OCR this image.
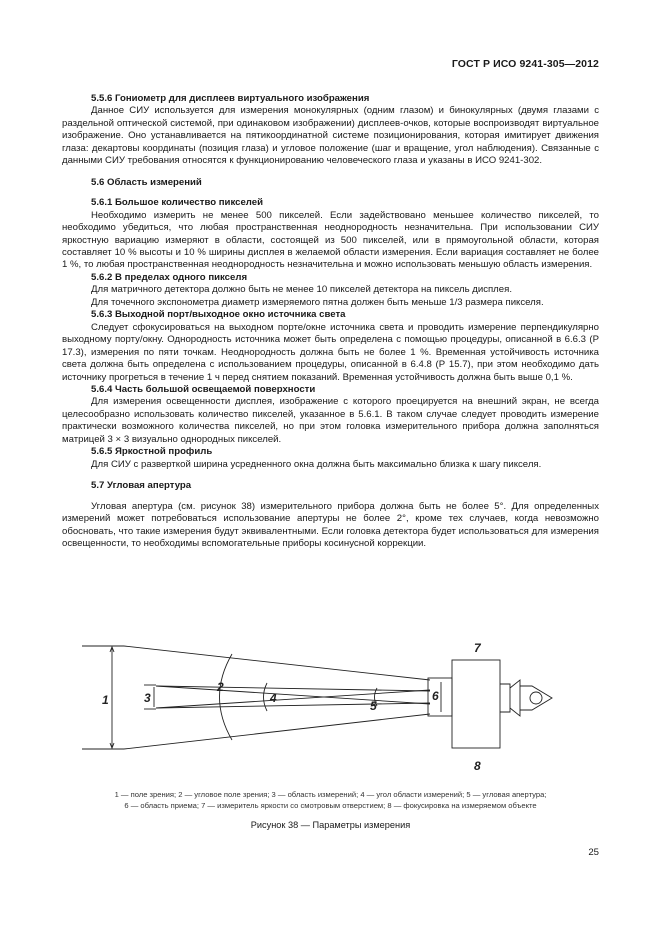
ГОСТ Р ИСО 9241-305—2012
5.5.6 Гониометр для дисплеев виртуального изображения

Данное СИУ используется для измерения монокулярных (одним глазом) и бинокулярных (двумя глазами с раздельной оптической системой, при одинаковом изображении) дисплеев-очков, которые воспроизводят виртуальное изображение. Оно устанавливается на пятикоординатной системе позиционирования, которая имитирует движения глаза: декартовы координаты (позиция глаза) и угловое положение (шаг и вращение, угол наблюдения). Связанные с данными СИУ требования относятся к функционированию человеческого глаза и указаны в ИСО 9241-302.

5.6 Область измерений
5.6.1 Большое количество пикселей

Необходимо измерить не менее 500 пикселей. Если задействовано меньшее количество пикселей, то необходимо убедиться, что любая пространственная неоднородность незначительна. При использовании СИУ яркостную вариацию измеряют в области, состоящей из 500 пикселей, или в прямоугольной области, которая составляет 10 % высоты и 10 % ширины дисплея в желаемой области измерения. Если вариация составляет не более 1 %, то любая пространственная неоднородность незначительна и можно использовать меньшую область измерения.

5.6.2 В пределах одного пикселя

Для матричного детектора должно быть не менее 10 пикселей детектора на пиксель дисплея.

Для точечного экспонометра диаметр измеряемого пятна должен быть меньше 1/3 размера пикселя.

5.6.3 Выходной порт/выходное окно источника света

Следует сфокусироваться на выходном порте/окне источника света и проводить измерение перпендикулярно выходному порту/окну. Однородность источника может быть определена с помощью процедуры, описанной в 6.6.3 (Р 17.3), измерения по пяти точкам. Неоднородность должна быть не более 1 %. Временная устойчивость источника света должна быть определена с использованием процедуры, описанной в 6.4.8 (Р 15.7), при этом необходимо дать источнику прогреться в течение 1 ч перед снятием показаний. Временная устойчивость должна быть выше 0,1 %.

5.6.4 Часть большой освещаемой поверхности

Для измерения освещенности дисплея, изображение с которого проецируется на внешний экран, не всегда целесообразно использовать количество пикселей, указанное в 5.6.1. В таком случае следует проводить измерение практически возможного количества пикселей, но при этом головка измерительного прибора должна заполняться матрицей 3 × 3 визуально однородных пикселей.

5.6.5 Яркостной профиль

Для СИУ с разверткой ширина усредненного окна должна быть максимально близка к шагу пикселя.

5.7 Угловая апертура

Угловая апертура (см. рисунок 38) измерительного прибора должна быть не более 5°. Для определенных измерений может потребоваться использование апертуры не более 2°, кроме тех случаев, когда невозможно обосновать, что такие измерения будут эквивалентными. Если головка детектора будет использоваться для измерения освещенности, то необходимы вспомогательные приборы косинусной коррекции.

1
2
3	4
5
6
7
8
1 — поле зрения; 2 — угловое поле зрения; 3 — область измерений; 4 — угол области измерений; 5 — угловая апертура;
6 — область приема; 7 — измеритель яркости со смотровым отверстием; 8 — фокусировка на измеряемом объекте
Рисунок 38 — Параметры измерения
25
